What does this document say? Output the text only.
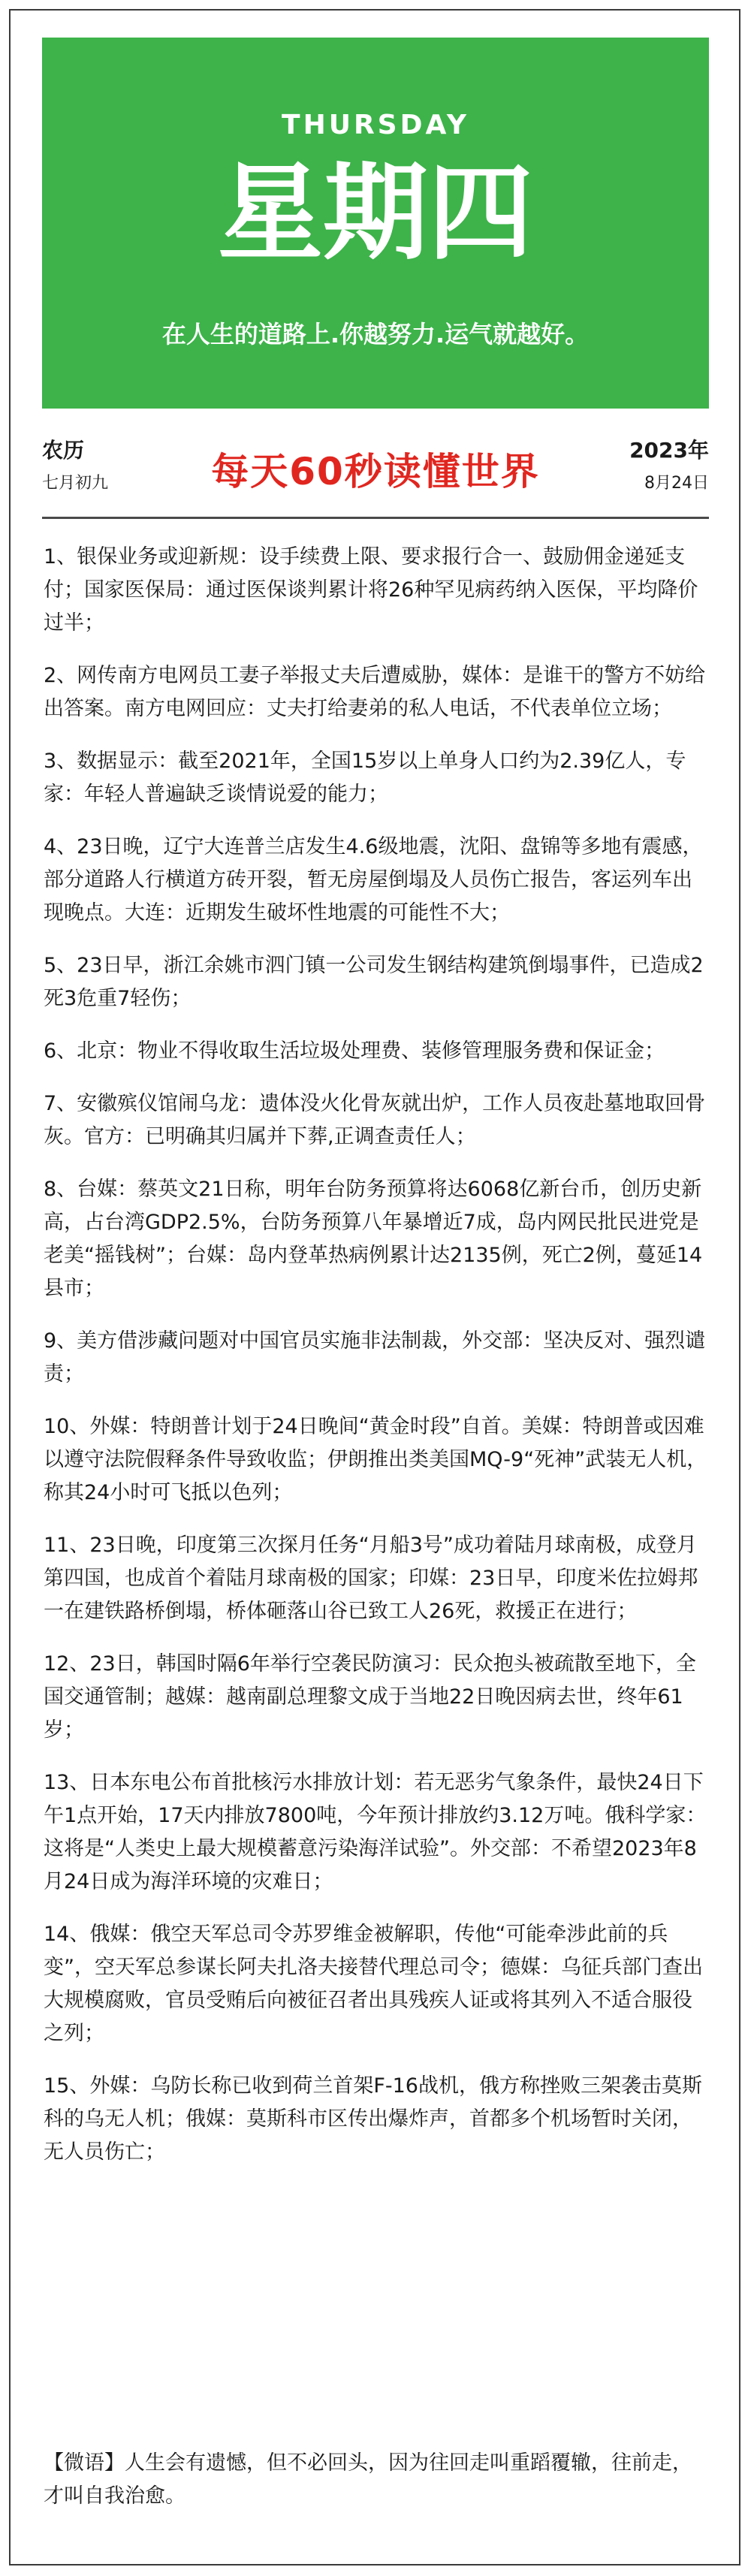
THURSDAY
星期四
在人生的道路上.你越努力.运气就越好。
农历
七月初九	每天60秒读懂世界	2023年
8月24日
1、银保业务或迎新规：设手续费上限、要求报行合一、鼓励佣金递延支付；国家医保局：通过医保谈判累计将26种罕见病药纳入医保，平均降价过半；
2、网传南方电网员工妻子举报丈夫后遭威胁，媒体：是谁干的警方不妨给出答案。南方电网回应：丈夫打给妻弟的私人电话，不代表单位立场；
3、数据显示：截至2021年，全国15岁以上单身人口约为2.39亿人，专家：年轻人普遍缺乏谈情说爱的能力；
4、23日晚，辽宁大连普兰店发生4.6级地震，沈阳、盘锦等多地有震感，部分道路人行横道方砖开裂，暂无房屋倒塌及人员伤亡报告，客运列车出现晚点。大连：近期发生破坏性地震的可能性不大；
5、23日早，浙江余姚市泗门镇一公司发生钢结构建筑倒塌事件，已造成2死3危重7轻伤；
6、北京：物业不得收取生活垃圾处理费、装修管理服务费和保证金；
7、安徽殡仪馆闹乌龙：遗体没火化骨灰就出炉，工作人员夜赴墓地取回骨灰。官方：已明确其归属并下葬,正调查责任人；
8、台媒：蔡英文21日称，明年台防务预算将达6068亿新台币，创历史新高，占台湾GDP2.5%，台防务预算八年暴增近7成，岛内网民批民进党是老美“摇钱树”；台媒：岛内登革热病例累计达2135例，死亡2例，蔓延14县市；
9、美方借涉藏问题对中国官员实施非法制裁，外交部：坚决反对、强烈谴责；
10、外媒：特朗普计划于24日晚间“黄金时段”自首。美媒：特朗普或因难以遵守法院假释条件导致收监；伊朗推出类美国MQ-9“死神”武装无人机，称其24小时可飞抵以色列；
11、23日晚，印度第三次探月任务“月船3号”成功着陆月球南极，成登月第四国，也成首个着陆月球南极的国家；印媒：23日早，印度米佐拉姆邦一在建铁路桥倒塌，桥体砸落山谷已致工人26死，救援正在进行；
12、23日，韩国时隔6年举行空袭民防演习：民众抱头被疏散至地下，全国交通管制；越媒：越南副总理黎文成于当地22日晚因病去世，终年61岁；
13、日本东电公布首批核污水排放计划：若无恶劣气象条件，最快24日下午1点开始，17天内排放7800吨，今年预计排放约3.12万吨。俄科学家：这将是“人类史上最大规模蓄意污染海洋试验”。外交部：不希望2023年8月24日成为海洋环境的灾难日；
14、俄媒：俄空天军总司令苏罗维金被解职，传他“可能牵涉此前的兵变”，空天军总参谋长阿夫扎洛夫接替代理总司令；德媒：乌征兵部门查出大规模腐败，官员受贿后向被征召者出具残疾人证或将其列入不适合服役之列；
15、外媒：乌防长称已收到荷兰首架F-16战机，俄方称挫败三架袭击莫斯科的乌无人机；俄媒：莫斯科市区传出爆炸声，首都多个机场暂时关闭，无人员伤亡；
【微语】人生会有遗憾，但不必回头，因为往回走叫重蹈覆辙，往前走，才叫自我治愈。
